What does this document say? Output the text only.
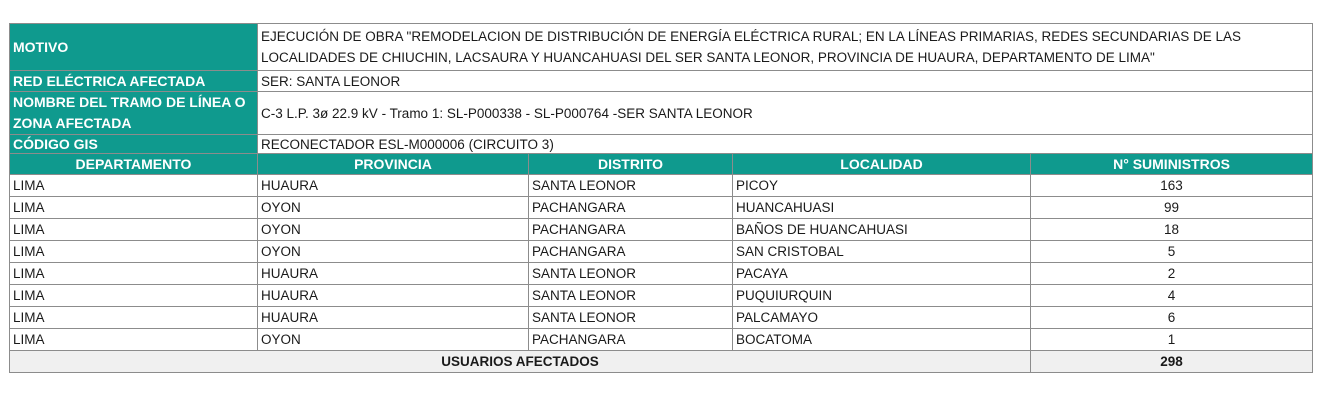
MOTIVO	EJECUCIÓN DE OBRA "REMODELACION DE DISTRIBUCIÓN DE ENERGÍA ELÉCTRICA RURAL; EN LA LÍNEAS PRIMARIAS, REDES SECUNDARIAS DE LAS LOCALIDADES DE CHIUCHIN, LACSAURA Y HUANCAHUASI DEL SER SANTA LEONOR, PROVINCIA DE HUAURA, DEPARTAMENTO DE LIMA"			
RED ELÉCTRICA AFECTADA	SER: SANTA LEONOR			
NOMBRE DEL TRAMO DE LÍNEA O ZONA AFECTADA	C-3 L.P. 3ø 22.9 kV - Tramo 1: SL-P000338 - SL-P000764 -SER SANTA LEONOR			
CÓDIGO GIS	RECONECTADOR ESL-M000006 (CIRCUITO 3)			
DEPARTAMENTO	PROVINCIA	DISTRITO	LOCALIDAD	N° SUMINISTROS
LIMA	HUAURA	SANTA LEONOR	PICOY	163
LIMA	OYON	PACHANGARA	HUANCAHUASI	99
LIMA	OYON	PACHANGARA	BAÑOS DE HUANCAHUASI	18
LIMA	OYON	PACHANGARA	SAN CRISTOBAL	5
LIMA	HUAURA	SANTA LEONOR	PACAYA	2
LIMA	HUAURA	SANTA LEONOR	PUQUIURQUIN	4
LIMA	HUAURA	SANTA LEONOR	PALCAMAYO	6
LIMA	OYON	PACHANGARA	BOCATOMA	1
USUARIOS AFECTADOS				298
